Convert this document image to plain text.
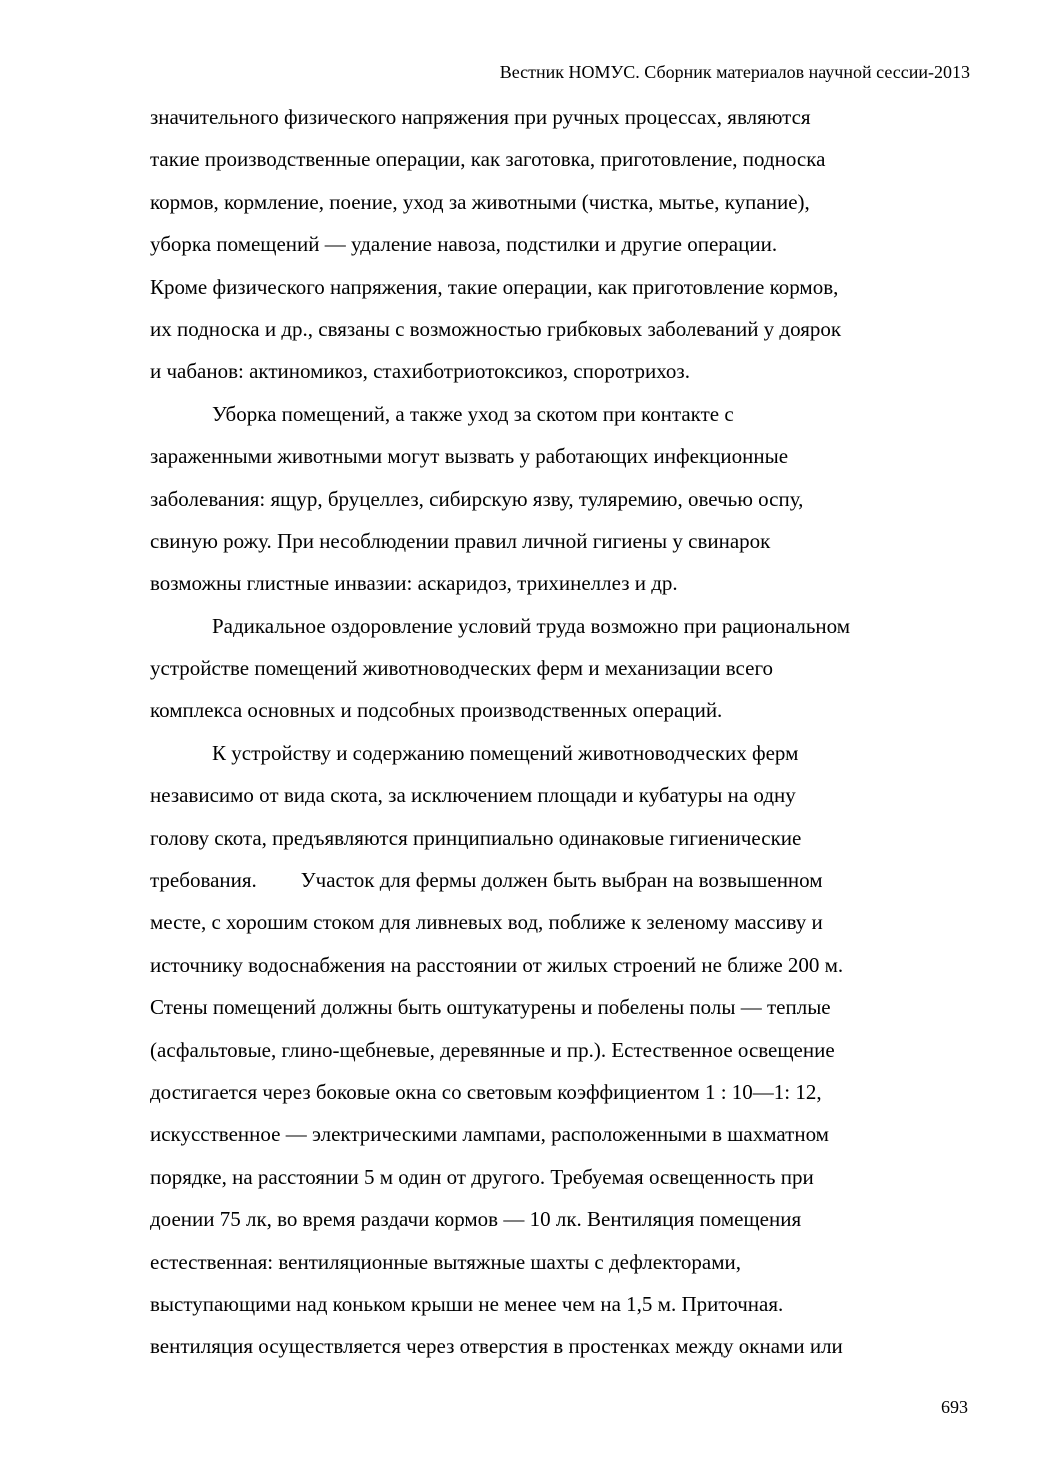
Вестник НОМУС. Сборник материалов научной сессии-2013
значительного физического напряжения при ручных процессах, являются
такие производственные операции, как заготовка, приготовление, подноска
кормов, кормление, поение, уход за животными (чистка, мытье, купание),
уборка помещений — удаление навоза, подстилки и другие операции.
Кроме физического напряжения, такие операции, как приготовление кормов,
их подноска и др., связаны с возможностью грибковых заболеваний у доярок
и чабанов: актиномикоз, стахиботриотоксикоз, споротрихоз.
Уборка помещений, а также уход за скотом при контакте с
зараженными животными могут вызвать у работающих инфекционные
заболевания: ящур, бруцеллез, сибирскую язву, туляремию, овечью оспу,
свиную рожу. При несоблюдении правил личной гигиены у свинарок
возможны глистные инвазии: аскаридоз, трихинеллез и др.
Радикальное оздоровление условий труда возможно при рациональном
устройстве помещений животноводческих ферм и механизации всего
комплекса основных и подсобных производственных операций.
К устройству и содержанию помещений животноводческих ферм
независимо от вида скота, за исключением площади и кубатуры на одну
голову скота, предъявляются принципиально одинаковые гигиенические
требования. Участок для фермы должен быть выбран на возвышенном
месте, с хорошим стоком для ливневых вод, поближе к зеленому массиву и
источнику водоснабжения на расстоянии от жилых строений не ближе 200 м.
Стены помещений должны быть оштукатурены и побелены полы — теплые
(асфальтовые, глино-щебневые, деревянные и пр.). Естественное освещение
достигается через боковые окна со световым коэффициентом 1 : 10—1: 12,
искусственное — электрическими лампами, расположенными в шахматном
порядке, на расстоянии 5 м один от другого. Требуемая освещенность при
доении 75 лк, во время раздачи кормов — 10 лк. Вентиляция помещения
естественная: вентиляционные вытяжные шахты с дефлекторами,
выступающими над коньком крыши не менее чем на 1,5 м. Приточная.
вентиляция осуществляется через отверстия в простенках между окнами или
693
